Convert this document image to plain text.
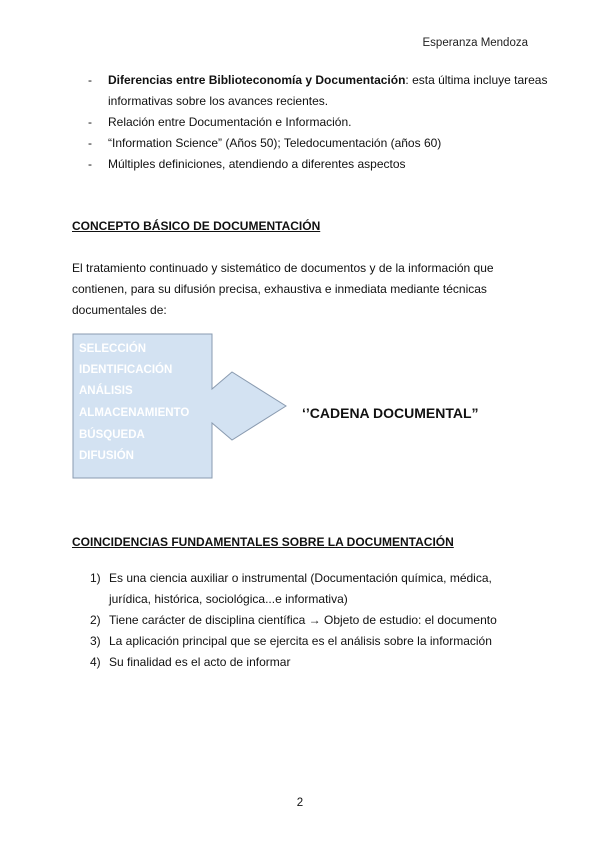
Esperanza Mendoza
- Diferencias entre Biblioteconomía y Documentación: esta última incluye tareas informativas sobre los avances recientes.
- Relación entre Documentación e Información.
- “Information Science” (Años 50); Teledocumentación (años 60)
- Múltiples definiciones, atendiendo a diferentes aspectos
CONCEPTO BÁSICO DE DOCUMENTACIÓN
El tratamiento continuado y sistemático de documentos y de la información que contienen, para su difusión precisa, exhaustiva e inmediata mediante técnicas documentales de:
SELECCIÓN
IDENTIFICACIÓN
ANÁLISIS
ALMACENAMIENTO
BÚSQUEDA
DIFUSIÓN
‘’CADENA DOCUMENTAL”
COINCIDENCIAS FUNDAMENTALES SOBRE LA DOCUMENTACIÓN
1) Es una ciencia auxiliar o instrumental (Documentación química, médica, jurídica, histórica, sociológica...e informativa)
2) Tiene carácter de disciplina científica → Objeto de estudio: el documento
3) La aplicación principal que se ejercita es el análisis sobre la información
4) Su finalidad es el acto de informar
2
